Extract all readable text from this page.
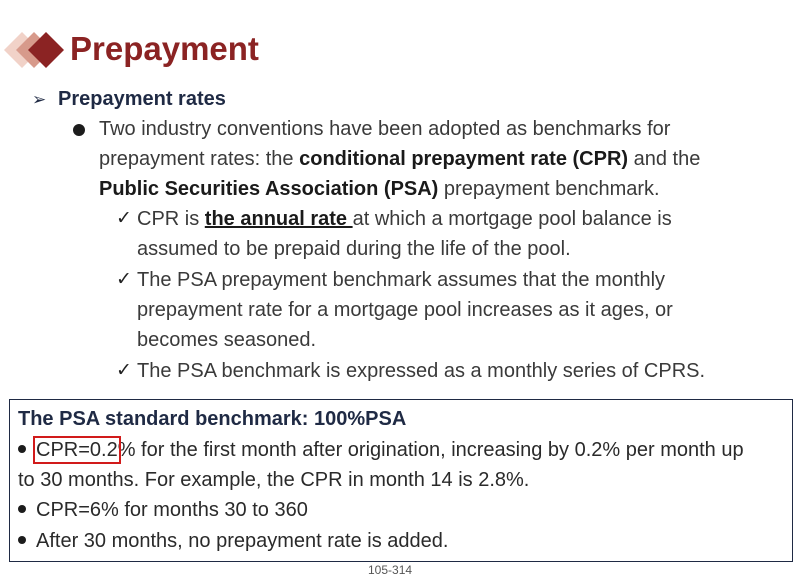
Prepayment
➢ Prepayment rates
Two industry conventions have been adopted as benchmarks for
prepayment rates: the conditional prepayment rate (CPR) and the
Public Securities Association (PSA) prepayment benchmark.
✓ CPR is the annual rate at which a mortgage pool balance is
assumed to be prepaid during the life of the pool.
✓ The PSA prepayment benchmark assumes that the monthly
prepayment rate for a mortgage pool increases as it ages, or
becomes seasoned.
✓ The PSA benchmark is expressed as a monthly series of CPRS.
The PSA standard benchmark: 100%PSA
CPR=0.2% for the first month after origination, increasing by 0.2% per month up
to 30 months. For example, the CPR in month 14 is 2.8%.
CPR=6% for months 30 to 360
After 30 months, no prepayment rate is added.
105-314
